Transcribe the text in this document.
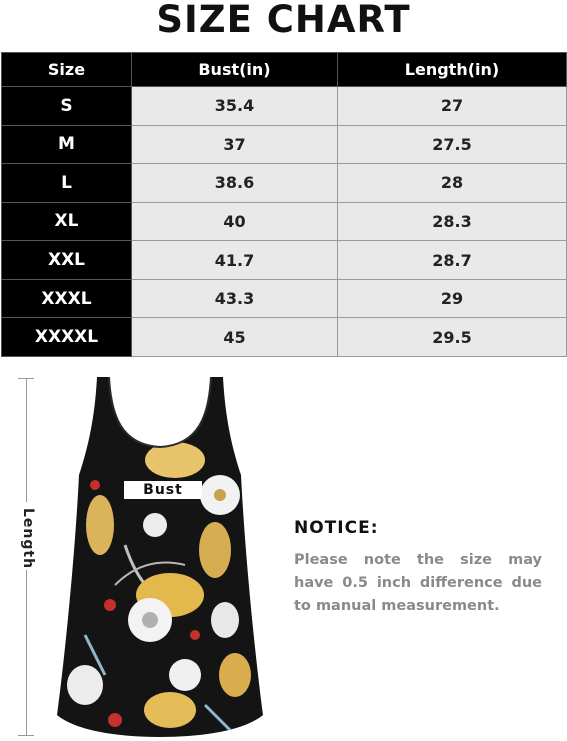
SIZE CHART
Size	Bust(in)	Length(in)
S	35.4	27
M	37	27.5
L	38.6	28
XL	40	28.3
XXL	41.7	28.7
XXXL	43.3	29
XXXXL	45	29.5
Length
Bust
NOTICE:
Please note the size may have 0.5 inch difference due to manual measurement.
